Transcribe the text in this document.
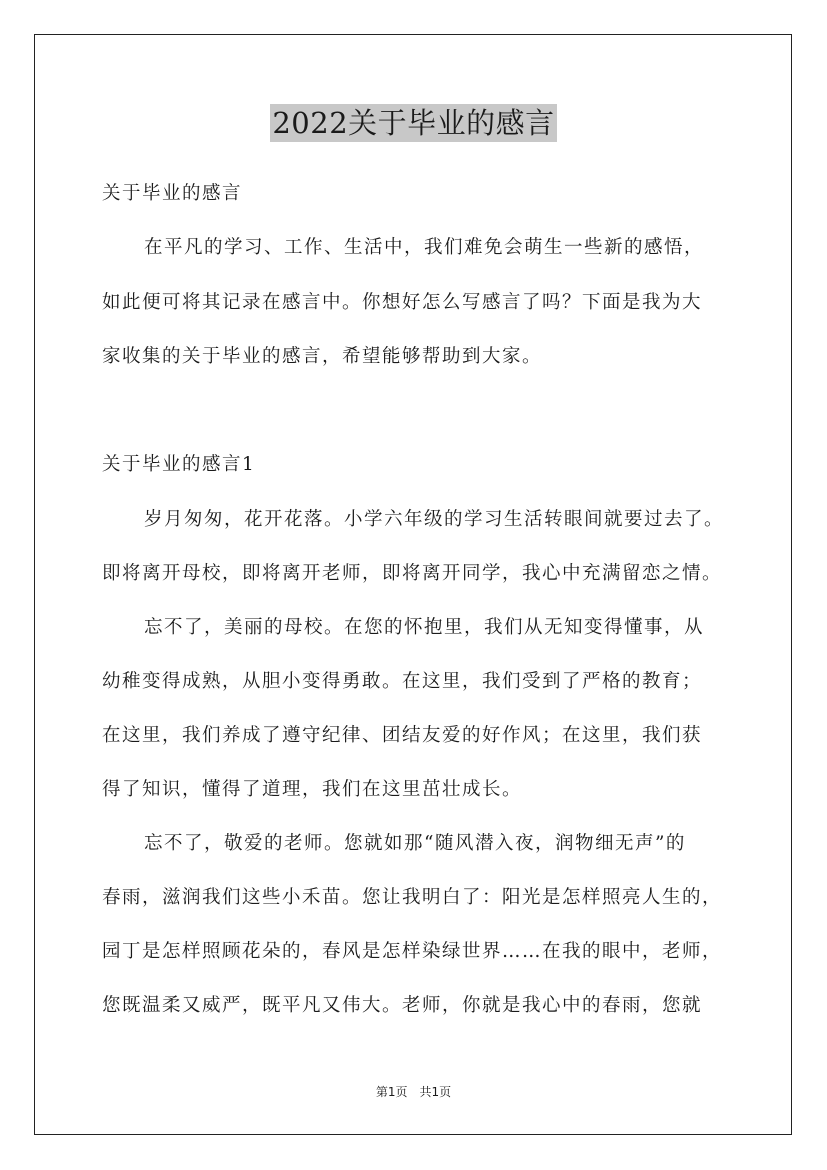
2022关于毕业的感言

关于毕业的感言

在平凡的学习、工作、生活中，我们难免会萌生一些新的感悟，

如此便可将其记录在感言中。你想好怎么写感言了吗？下面是我为大

家收集的关于毕业的感言，希望能够帮助到大家。

关于毕业的感言1

岁月匆匆，花开花落。小学六年级的学习生活转眼间就要过去了。

即将离开母校，即将离开老师，即将离开同学，我心中充满留恋之情。

忘不了，美丽的母校。在您的怀抱里，我们从无知变得懂事，从

幼稚变得成熟，从胆小变得勇敢。在这里，我们受到了严格的教育；

在这里，我们养成了遵守纪律、团结友爱的好作风；在这里，我们获

得了知识，懂得了道理，我们在这里茁壮成长。

忘不了，敬爱的老师。您就如那“随风潜入夜，润物细无声”的

春雨，滋润我们这些小禾苗。您让我明白了：阳光是怎样照亮人生的，

园丁是怎样照顾花朵的，春风是怎样染绿世界……在我的眼中，老师，

您既温柔又威严，既平凡又伟大。老师，你就是我心中的春雨，您就

第1页　共1页
